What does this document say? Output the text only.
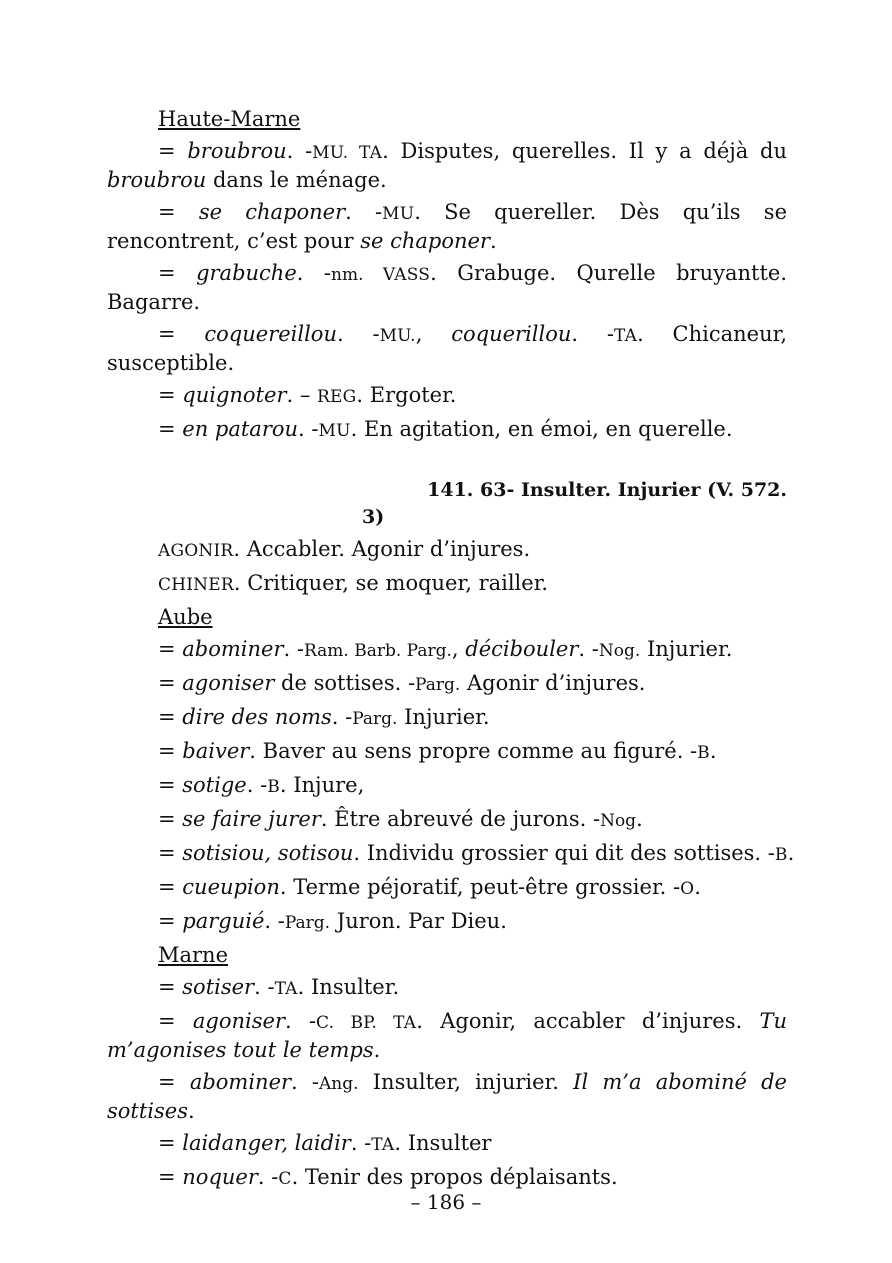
Haute-Marne
= broubrou. -MU. TA. Disputes, querelles. Il y a déjà du broubrou dans le ménage.
= se chaponer. -MU. Se quereller. Dès qu’ils se rencontrent, c’est pour se chaponer.
= grabuche. -nm. VASS. Grabuge. Qurelle bruyantte. Bagarre.
= coquereillou. -MU., coquerillou. -TA. Chicaneur, susceptible.
= quignoter. – REG. Ergoter.
= en patarou. -MU. En agitation, en émoi, en querelle.
141. 63- Insulter. Injurier (V. 572.
3)
AGONIR. Accabler. Agonir d’injures.
CHINER. Critiquer, se moquer, railler.
Aube
= abominer. -Ram. Barb. Parg., décibouler. -Nog. Injurier.
= agoniser de sottises. -Parg. Agonir d’injures.
= dire des noms. -Parg. Injurier.
= baiver. Baver au sens propre comme au figuré. -B.
= sotige. -B. Injure,
= se faire jurer. Être abreuvé de jurons. -Nog.
= sotisiou, sotisou. Individu grossier qui dit des sottises. -B.
= cueupion. Terme péjoratif, peut-être grossier. -O.
= parguié. -Parg. Juron. Par Dieu.
Marne
= sotiser. -TA. Insulter.
= agoniser. -C. BP. TA. Agonir, accabler d’injures. Tu m’agonises tout le temps.
= abominer. -Ang. Insulter, injurier. Il m’a abominé de sottises.
= laidanger, laidir. -TA. Insulter
= noquer. -C. Tenir des propos déplaisants.
– 186 –
